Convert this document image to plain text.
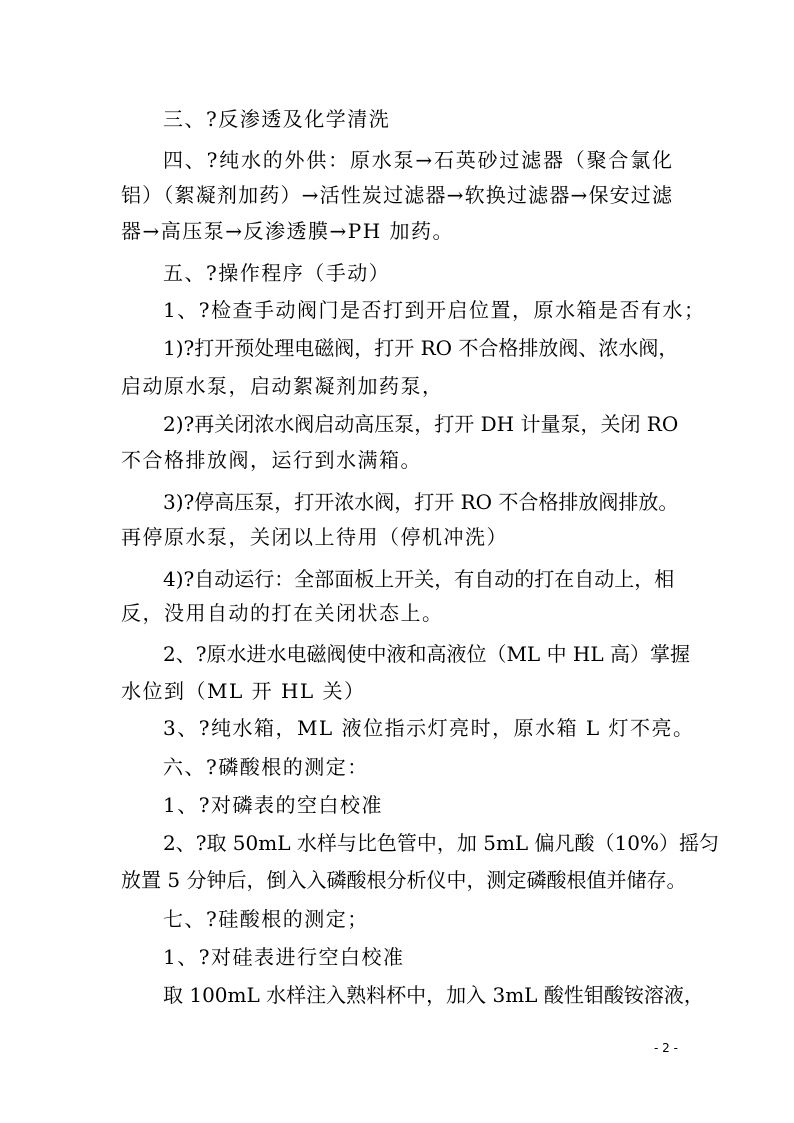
三、?反渗透及化学清洗
四、?纯水的外供：原水泵→石英砂过滤器（聚合氯化
铝）（絮凝剂加药）→活性炭过滤器→软换过滤器→保安过滤
器→高压泵→反渗透膜→PH 加药。
五、?操作程序（手动）
1、?检查手动阀门是否打到开启位置，原水箱是否有水；
1)?打开预处理电磁阀，打开 RO 不合格排放阀、浓水阀，
启动原水泵，启动絮凝剂加药泵，
2)?再关闭浓水阀启动高压泵，打开 DH 计量泵，关闭 RO
不合格排放阀，运行到水满箱。
3)?停高压泵，打开浓水阀，打开 RO 不合格排放阀排放。
再停原水泵，关闭以上待用（停机冲洗）
4)?自动运行：全部面板上开关，有自动的打在自动上，相
反，没用自动的打在关闭状态上。
2、?原水进水电磁阀使中液和高液位（ML 中 HL 高）掌握
水位到（ML 开 HL 关）
3、?纯水箱，ML 液位指示灯亮时，原水箱 L 灯不亮。
六、?磷酸根的测定：
1、?对磷表的空白校准
2、?取 50mL 水样与比色管中，加 5mL 偏凡酸（10%）摇匀
放置 5 分钟后，倒入入磷酸根分析仪中，测定磷酸根值并储存。
七、?硅酸根的测定；
1、?对硅表进行空白校准
取 100mL 水样注入熟料杯中，加入 3mL 酸性钼酸铵溶液，
- 2 -
